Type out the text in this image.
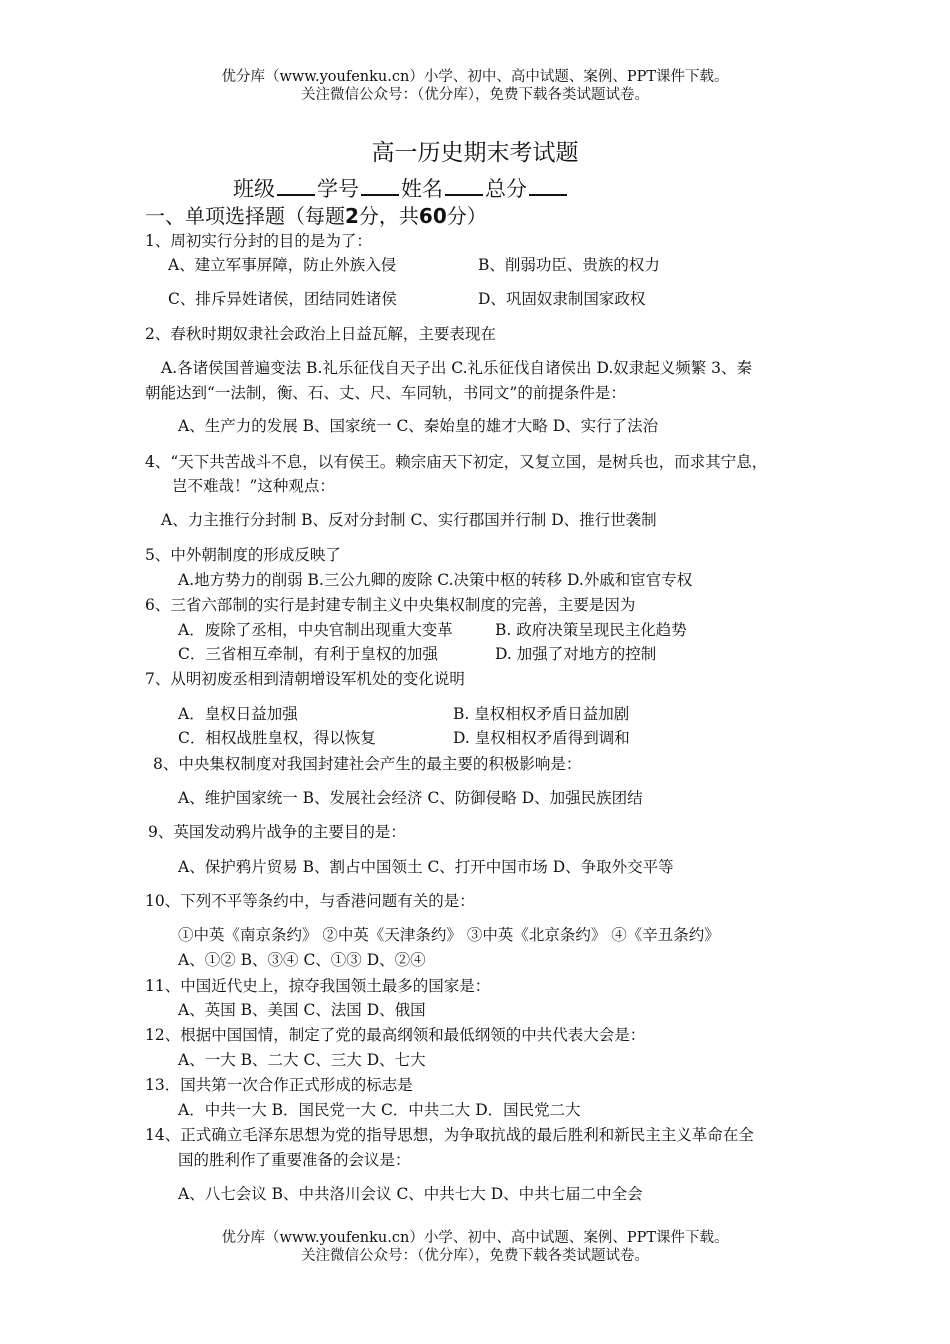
优分库（www.youfenku.cn）小学、初中、高中试题、案例、PPT课件下载。
关注微信公众号：（优分库），免费下载各类试题试卷。
高一历史期末考试题
班级 学号 姓名 总分
一、单项选择题（每题2分，共60分）
1、周初实行分封的目的是为了：
A、建立军事屏障，防止外族入侵	B、削弱功臣、贵族的权力
C、排斥异姓诸侯，团结同姓诸侯	D、巩固奴隶制国家政权
2、春秋时期奴隶社会政治上日益瓦解，主要表现在
A.各诸侯国普遍变法 B.礼乐征伐自天子出 C.礼乐征伐自诸侯出 D.奴隶起义频繁 3、秦
朝能达到“一法制，衡、石、丈、尺、车同轨，书同文”的前提条件是：
A、生产力的发展 B、国家统一 C、秦始皇的雄才大略 D、实行了法治
4、“天下共苦战斗不息，以有侯王。赖宗庙天下初定，又复立国，是树兵也，而求其宁息，
岂不难哉！”这种观点：
A、力主推行分封制 B、反对分封制 C、实行郡国并行制 D、推行世袭制
5、中外朝制度的形成反映了
A.地方势力的削弱 B.三公九卿的废除 C.决策中枢的转移 D.外戚和宦官专权
6、三省六部制的实行是封建专制主义中央集权制度的完善，主要是因为
A．废除了丞相，中央官制出现重大变革	B. 政府决策呈现民主化趋势
C．三省相互牵制，有利于皇权的加强	D. 加强了对地方的控制
7、从明初废丞相到清朝增设军机处的变化说明
A．皇权日益加强	B. 皇权相权矛盾日益加剧
C．相权战胜皇权，得以恢复	D. 皇权相权矛盾得到调和
8、中央集权制度对我国封建社会产生的最主要的积极影响是：
A、维护国家统一 B、发展社会经济 C、防御侵略 D、加强民族团结
9、英国发动鸦片战争的主要目的是：
A、保护鸦片贸易 B、割占中国领土 C、打开中国市场 D、争取外交平等
10、下列不平等条约中，与香港问题有关的是：
①中英《南京条约》 ②中英《天津条约》 ③中英《北京条约》 ④《辛丑条约》
A、①② B、③④ C、①③ D、②④
11、中国近代史上，掠夺我国领土最多的国家是：
A、英国 B、美国 C、法国 D、俄国
12、根据中国国情，制定了党的最高纲领和最低纲领的中共代表大会是：
A、一大 B、二大 C、三大 D、七大
13．国共第一次合作正式形成的标志是
A．中共一大 B．国民党一大 C．中共二大 D．国民党二大
14、正式确立毛泽东思想为党的指导思想，为争取抗战的最后胜利和新民主主义革命在全
国的胜利作了重要准备的会议是：
A、八七会议 B、中共洛川会议 C、中共七大 D、中共七届二中全会
优分库（www.youfenku.cn）小学、初中、高中试题、案例、PPT课件下载。
关注微信公众号：（优分库），免费下载各类试题试卷。
